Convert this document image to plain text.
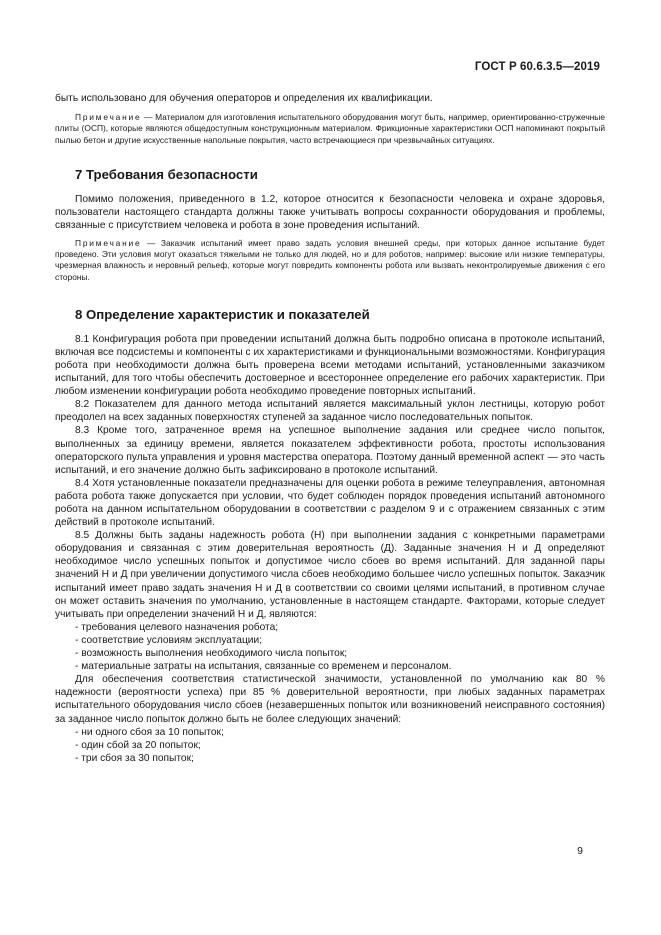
ГОСТ Р 60.6.3.5—2019

быть использовано для обучения операторов и определения их квалификации.

Примечание — Материалом для изготовления испытательного оборудования могут быть, например, ориентированно-стружечные плиты (ОСП), которые являются общедоступным конструкционным материалом. Фрикционные характеристики ОСП напоминают покрытый пылью бетон и другие искусственные напольные покрытия, часто встречающиеся при чрезвычайных ситуациях.

7 Требования безопасности

Помимо положения, приведенного в 1.2, которое относится к безопасности человека и охране здоровья, пользователи настоящего стандарта должны также учитывать вопросы сохранности оборудования и проблемы, связанные с присутствием человека и робота в зоне проведения испытаний.

Примечание — Заказчик испытаний имеет право задать условия внешней среды, при которых данное испытание будет проведено. Эти условия могут оказаться тяжелыми не только для людей, но и для роботов, например: высокие или низкие температуры, чрезмерная влажность и неровный рельеф, которые могут повредить компоненты робота или вызвать неконтролируемые движения с его стороны.

8 Определение характеристик и показателей

8.1 Конфигурация робота при проведении испытаний должна быть подробно описана в протоколе испытаний, включая все подсистемы и компоненты с их характеристиками и функциональными возможностями. Конфигурация робота при необходимости должна быть проверена всеми методами испытаний, установленными заказчиком испытаний, для того чтобы обеспечить достоверное и всестороннее определение его рабочих характеристик. При любом изменении конфигурации робота необходимо проведение повторных испытаний.

8.2 Показателем для данного метода испытаний является максимальный уклон лестницы, которую робот преодолел на всех заданных поверхностях ступеней за заданное число последовательных попыток.

8.3 Кроме того, затраченное время на успешное выполнение задания или среднее число попыток, выполненных за единицу времени, является показателем эффективности робота, простоты использования операторского пульта управления и уровня мастерства оператора. Поэтому данный временной аспект — это часть испытаний, и его значение должно быть зафиксировано в протоколе испытаний.

8.4 Хотя установленные показатели предназначены для оценки робота в режиме телеуправления, автономная работа робота также допускается при условии, что будет соблюден порядок проведения испытаний автономного робота на данном испытательном оборудовании в соответствии с разделом 9 и с отражением связанных с этим действий в протоколе испытаний.

8.5 Должны быть заданы надежность робота (Н) при выполнении задания с конкретными параметрами оборудования и связанная с этим доверительная вероятность (Д). Заданные значения Н и Д определяют необходимое число успешных попыток и допустимое число сбоев во время испытаний. Для заданной пары значений Н и Д при увеличении допустимого числа сбоев необходимо большее число успешных попыток. Заказчик испытаний имеет право задать значения Н и Д в соответствии со своими целями испытаний, в противном случае он может оставить значения по умолчанию, установленные в настоящем стандарте. Факторами, которые следует учитывать при определении значений Н и Д, являются:

- требования целевого назначения робота;
- соответствие условиям эксплуатации;
- возможность выполнения необходимого числа попыток;
- материальные затраты на испытания, связанные со временем и персоналом.

Для обеспечения соответствия статистической значимости, установленной по умолчанию как 80 % надежности (вероятности успеха) при 85 % доверительной вероятности, при любых заданных параметрах испытательного оборудования число сбоев (незавершенных попыток или возникновений неисправного состояния) за заданное число попыток должно быть не более следующих значений:

- ни одного сбоя за 10 попыток;
- один сбой за 20 попыток;
- три сбоя за 30 попыток;
9
